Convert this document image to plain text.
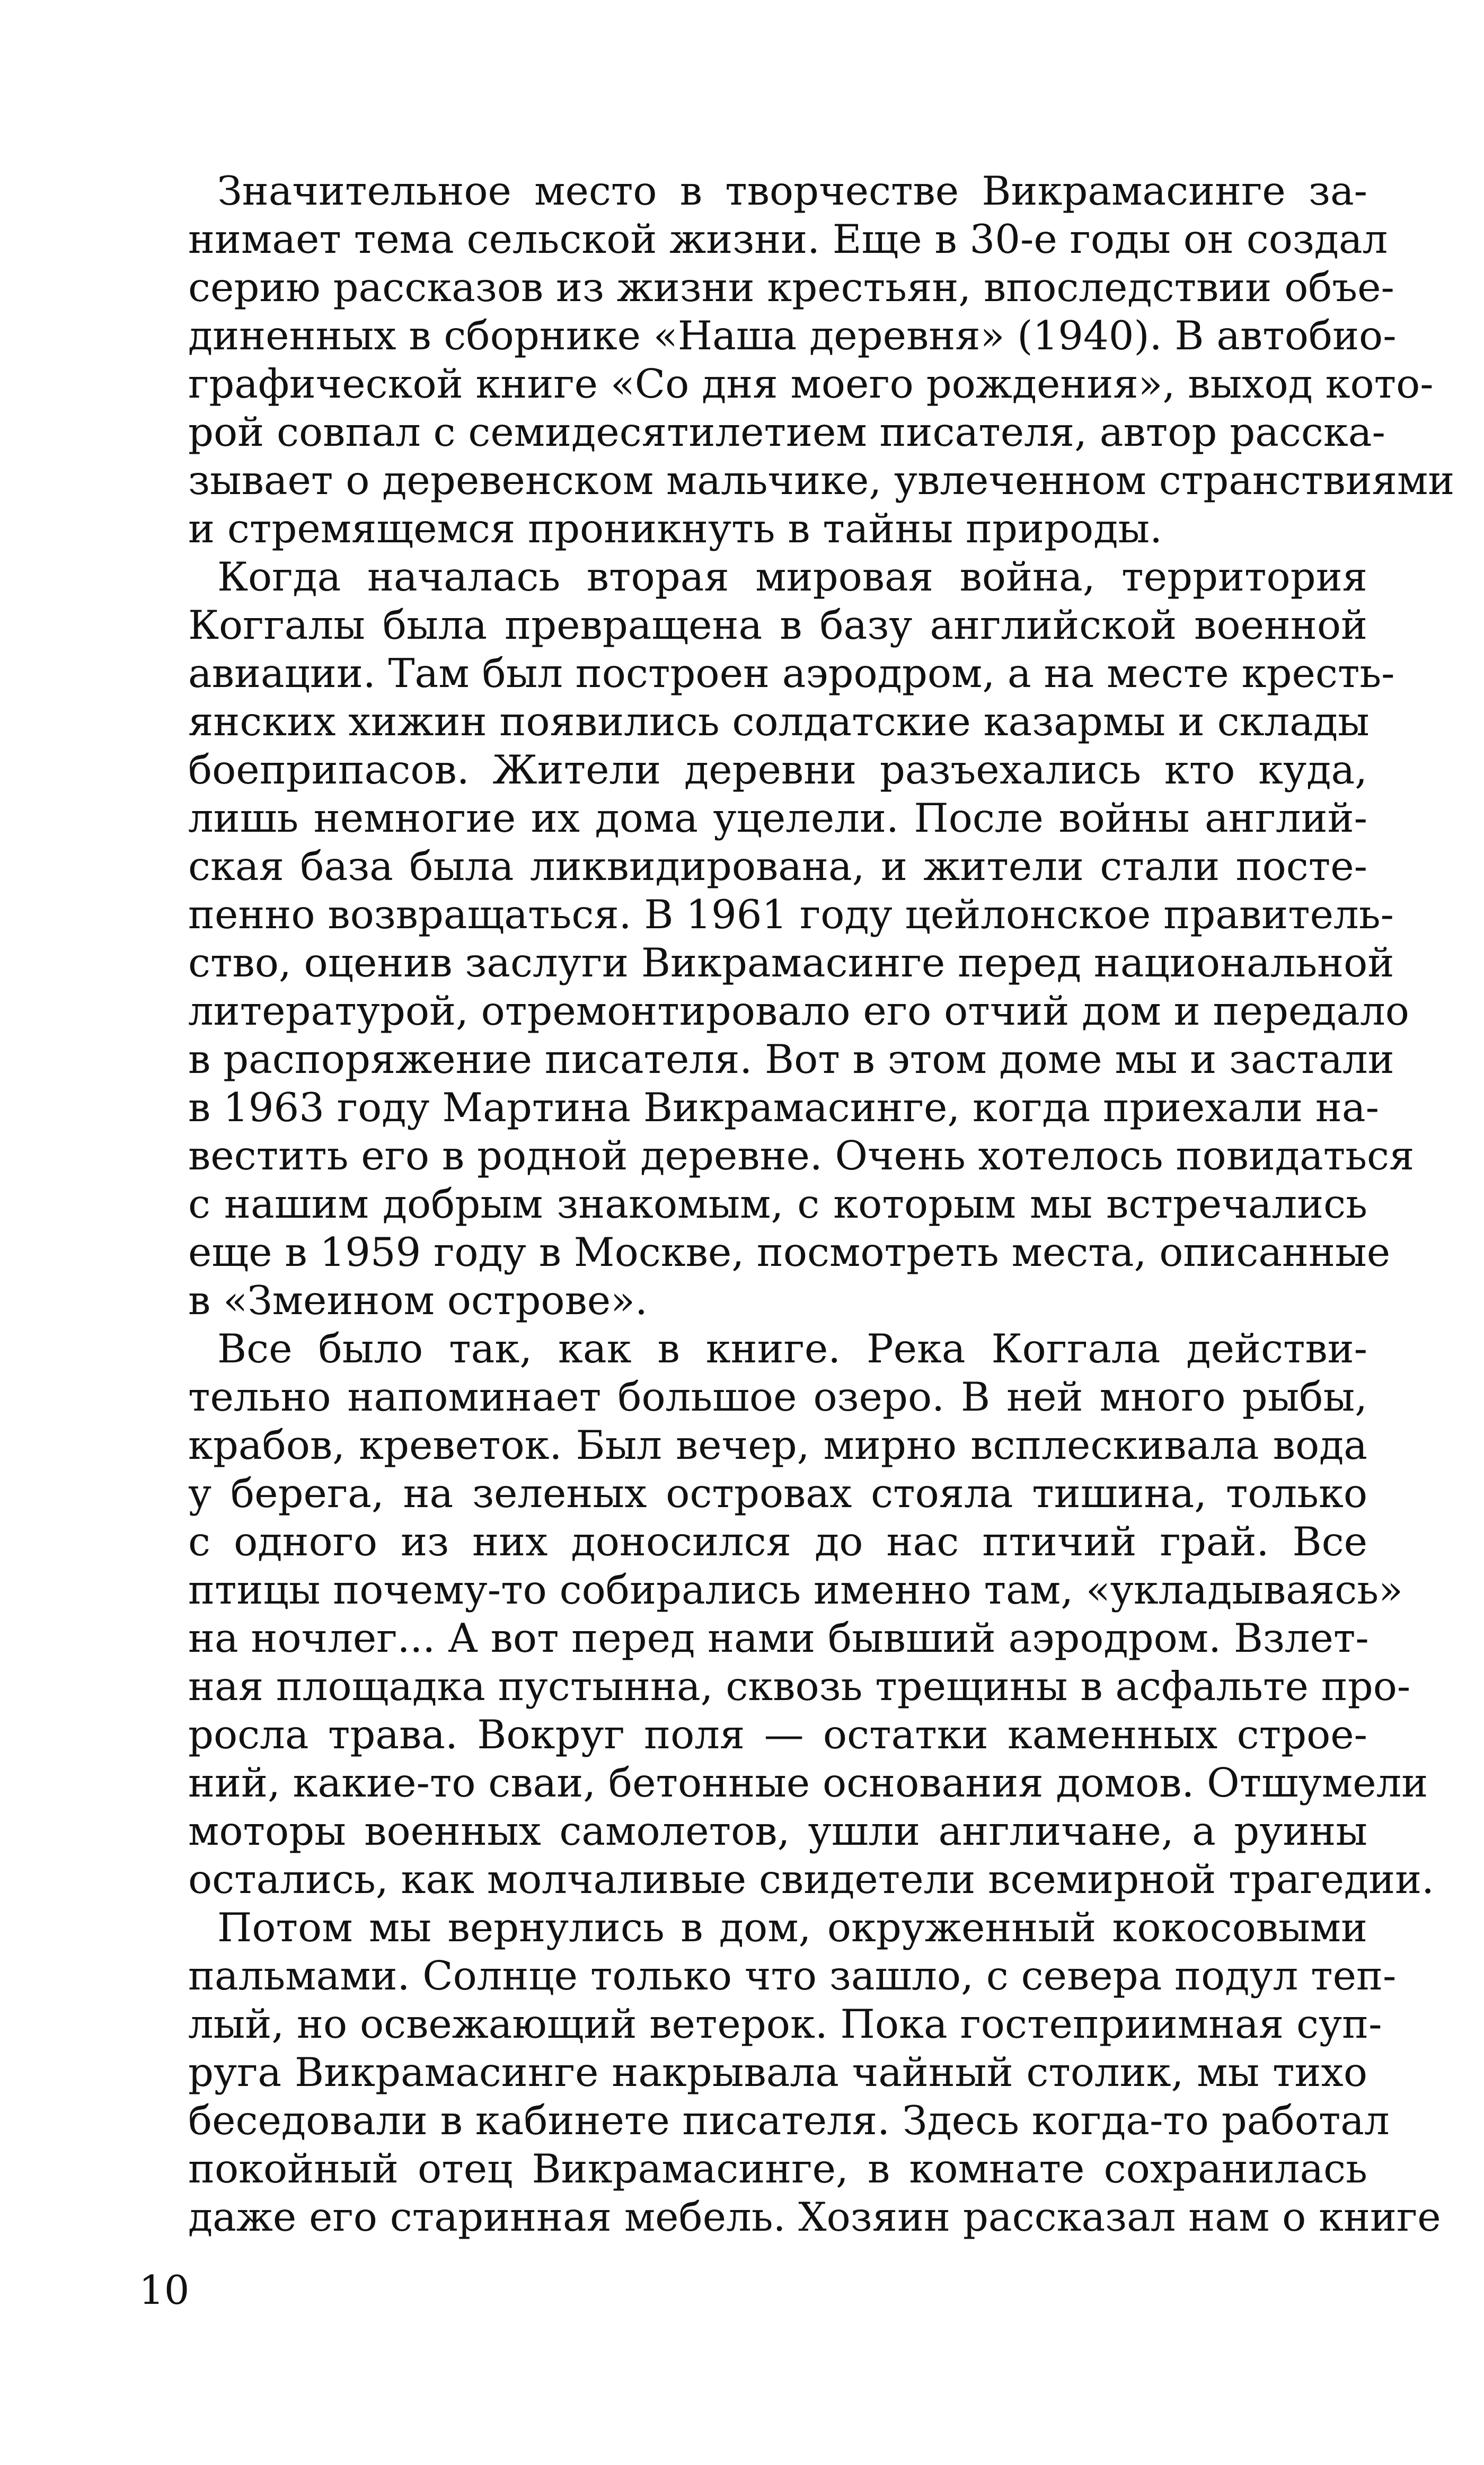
Значительное место в творчестве Викрамасинге за-
нимает тема сельской жизни. Еще в 30-е годы он создал
серию рассказов из жизни крестьян, впоследствии объе-
диненных в сборнике «Наша деревня» (1940). В автобио-
графической книге «Со дня моего рождения», выход кото-
рой совпал с семидесятилетием писателя, автор расска-
зывает о деревенском мальчике, увлеченном странствиями
и стремящемся проникнуть в тайны природы.
Когда началась вторая мировая война, территория
Коггалы была превращена в базу английской военной
авиации. Там был построен аэродром, а на месте кресть-
янских хижин появились солдатские казармы и склады
боеприпасов. Жители деревни разъехались кто куда,
лишь немногие их дома уцелели. После войны англий-
ская база была ликвидирована, и жители стали посте-
пенно возвращаться. В 1961 году цейлонское правитель-
ство, оценив заслуги Викрамасинге перед национальной
литературой, отремонтировало его отчий дом и передало
в распоряжение писателя. Вот в этом доме мы и застали
в 1963 году Мартина Викрамасинге, когда приехали на-
вестить его в родной деревне. Очень хотелось повидаться
с нашим добрым знакомым, с которым мы встречались
еще в 1959 году в Москве, посмотреть места, описанные
в «Змеином острове».
Все было так, как в книге. Река Коггала действи-
тельно напоминает большое озеро. В ней много рыбы,
крабов, креветок. Был вечер, мирно всплескивала вода
у берега, на зеленых островах стояла тишина, только
с одного из них доносился до нас птичий грай. Все
птицы почему-то собирались именно там, «укладываясь»
на ночлег... А вот перед нами бывший аэродром. Взлет-
ная площадка пустынна, сквозь трещины в асфальте про-
росла трава. Вокруг поля — остатки каменных строе-
ний, какие-то сваи, бетонные основания домов. Отшумели
моторы военных самолетов, ушли англичане, а руины
остались, как молчаливые свидетели всемирной трагедии.
Потом мы вернулись в дом, окруженный кокосовыми
пальмами. Солнце только что зашло, с севера подул теп-
лый, но освежающий ветерок. Пока гостеприимная суп-
руга Викрамасинге накрывала чайный столик, мы тихо
беседовали в кабинете писателя. Здесь когда-то работал
покойный отец Викрамасинге, в комнате сохранилась
даже его старинная мебель. Хозяин рассказал нам о книге
10
